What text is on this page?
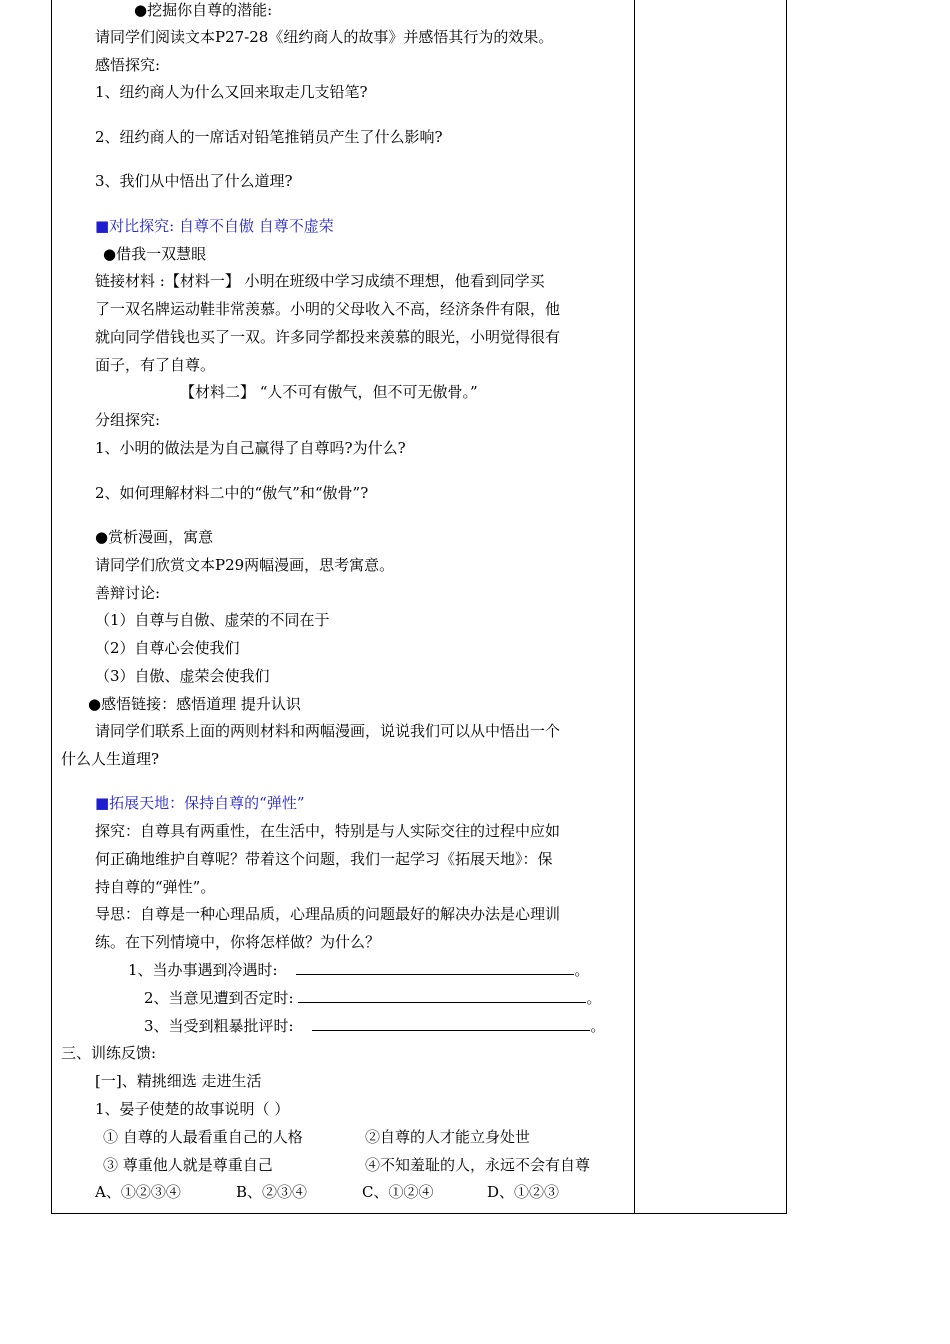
●挖掘你自尊的潜能:
请同学们阅读文本P27-28《纽约商人的故事》并感悟其行为的效果。
感悟探究:
1、纽约商人为什么又回来取走几支铅笔?
2、纽约商人的一席话对铅笔推销员产生了什么影响?
3、我们从中悟出了什么道理?
■对比探究: 自尊不自傲 自尊不虚荣
●借我一双慧眼
链接材料 :【材料一】 小明在班级中学习成绩不理想，他看到同学买
了一双名牌运动鞋非常羡慕。小明的父母收入不高，经济条件有限，他
就向同学借钱也买了一双。许多同学都投来羡慕的眼光，小明觉得很有
面子，有了自尊。
【材料二】 “人不可有傲气，但不可无傲骨。”
分组探究:
1、小明的做法是为自己赢得了自尊吗?为什么?
2、如何理解材料二中的“傲气”和“傲骨”?
●赏析漫画，寓意
请同学们欣赏文本P29两幅漫画，思考寓意。
善辩讨论:
（1）自尊与自傲、虚荣的不同在于
（2）自尊心会使我们
（3）自傲、虚荣会使我们
●感悟链接：感悟道理 提升认识
请同学们联系上面的两则材料和两幅漫画，说说我们可以从中悟出一个
什么人生道理?
■拓展天地：保持自尊的“弹性”
探究：自尊具有两重性，在生活中，特别是与人实际交往的过程中应如
何正确地维护自尊呢？带着这个问题，我们一起学习《拓展天地》：保
持自尊的“弹性”。
导思：自尊是一种心理品质，心理品质的问题最好的解决办法是心理训
练。在下列情境中，你将怎样做？为什么？
1、当办事遇到冷遇时:	。
2、当意见遭到否定时:	。
3、当受到粗暴批评时:	。
三、训练反馈:
[一]、精挑细选 走进生活
1、晏子使楚的故事说明（ ）
① 自尊的人最看重自己的人格	②自尊的人才能立身处世
③ 尊重他人就是尊重自己	④不知羞耻的人，永远不会有自尊
A、①②③④	B、②③④	C、①②④	D、①②③
